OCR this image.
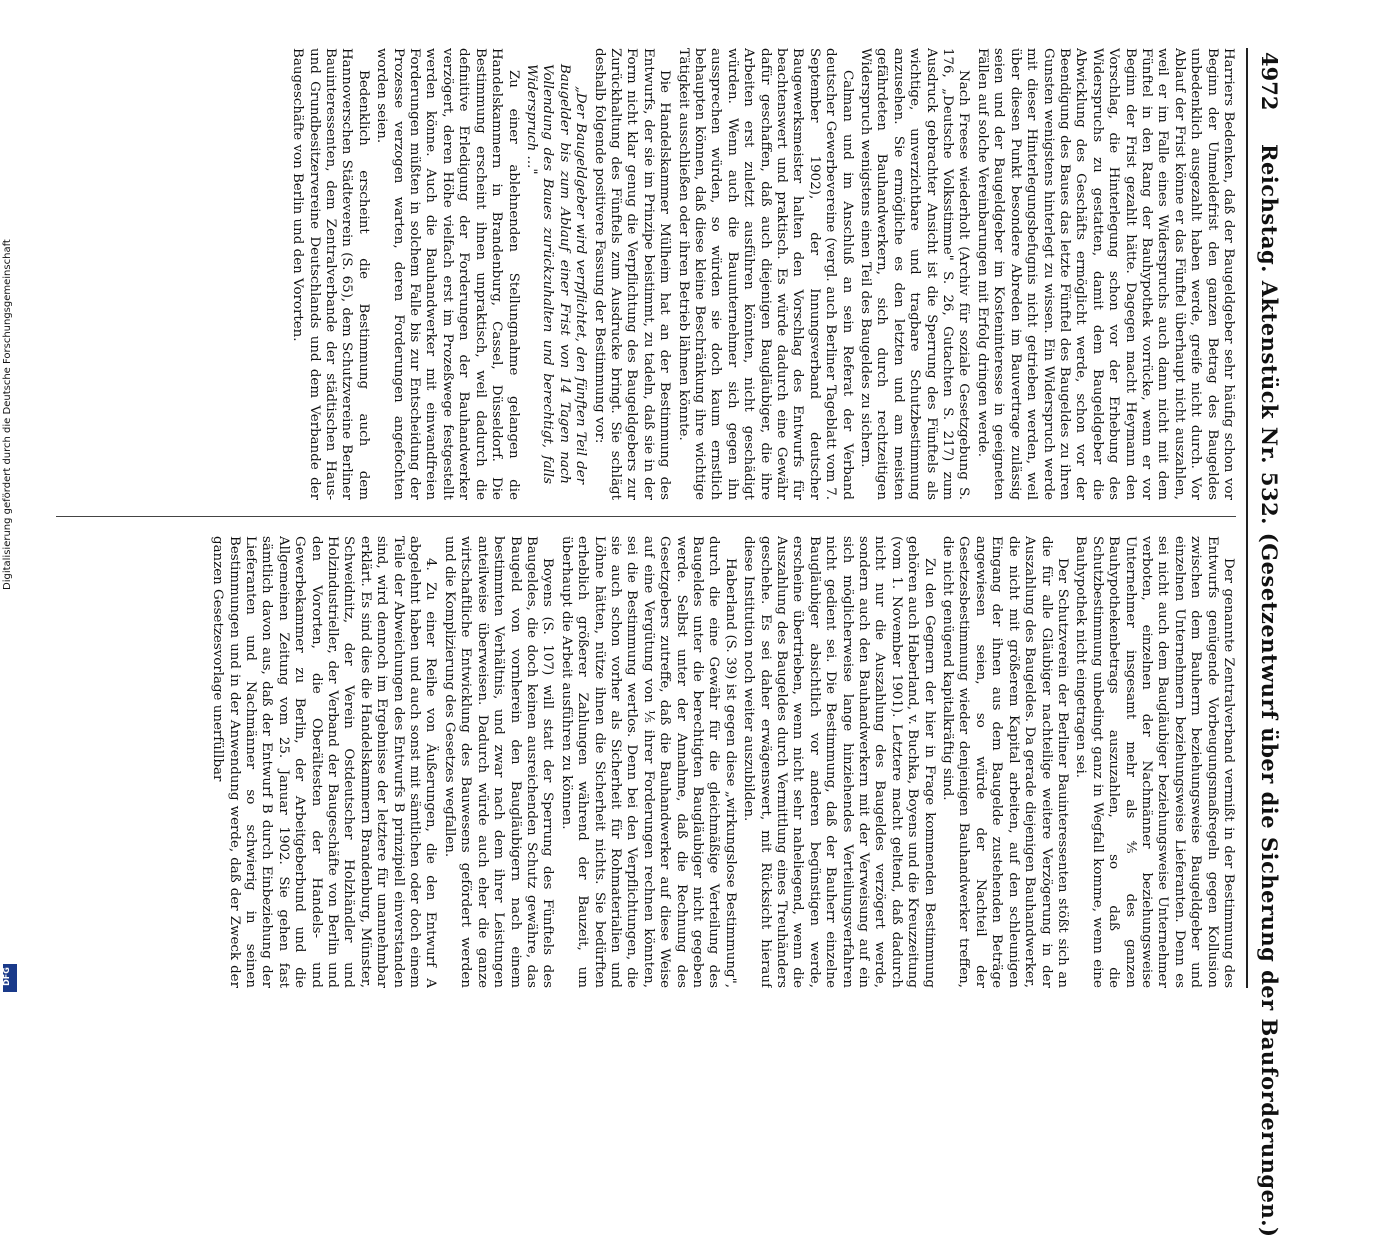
Digitalisierung gefördert durch die Deutsche Forschungsgemeinschaft
DFG
4972
Reichstag. Aktenstück Nr. 532. (Gesetzentwurf über die Sicherung der Bauforderungen.)

Harriers Bedenken, daß der Baugeldgeber sehr häufig schon vor Beginn der Unmeldefrist den ganzen Betrag des Baugeldes unbedenklich ausgezahlt haben werde, greife nicht durch. Vor Ablauf der Frist könne er das Fünftel überhaupt nicht auszahlen, weil er im Falle eines Widerspruchs auch dann nicht mit dem Fünftel in den Rang der Bauhypothek vorrücke, wenn er vor Beginn der Frist gezahlt hätte. Dagegen macht Heymann den Vorschlag, die Hinterlegung schon vor der Erhebung des Widerspruchs zu gestatten, damit dem Baugeldgeber die Abwicklung des Geschäfts ermöglicht werde, schon vor der Beendigung des Baues das letzte Fünftel des Baugeldes zu ihren Gunsten wenigstens hinterlegt zu wissen. Ein Widerspruch werde mit dieser Hinterlegungsbefugnis nicht getrieben werden, weil über diesen Punkt besondere Abreden im Bauvertrage zulässig seien und der Baugeldgeber im Kosteninteresse in geeigneten Fällen auf solche Vereinbarungen mit Erfolg dringen werde.

Nach Freese wiederholt (Archiv für soziale Gesetzgebung S. 176, „Deutsche Volksstimme" S. 26, Gutachten S. 217) zum Ausdruck gebrachter Ansicht ist die Sperrung des Fünftels als wichtige, unverzichtbare und tragbare Schutzbestimmung anzusehen. Sie ermögliche es den letzten und am meisten gefährdeten Bauhandwerkern, sich durch rechtzeitigen Widerspruch wenigstens einen Teil des Baugeldes zu sichern.

Calman und im Anschluß an sein Referat der Verband deutscher Gewerbevereine (vergl. auch Berliner Tageblatt vom 7. September 1902), der Innungsverband deutscher Baugewerksmeister halten den Vorschlag des Entwurfs für beachtenswert und praktisch. Es würde dadurch eine Gewähr dafür geschaffen, daß auch diejenigen Baugläubiger, die ihre Arbeiten erst zuletzt ausführen könnten, nicht geschädigt würden. Wenn auch die Bauunternehmer sich gegen ihn aussprechen würden, so würden sie doch kaum ernstlich behaupten können, daß diese kleine Beschränkung ihre wichtige Tätigkeit ausschließen oder ihren Betrieb lähmen könnte.

Die Handelskammer Mülheim hat an der Bestimmung des Entwurfs, der sie im Prinzipe beistimmt, zu tadeln, daß sie in der Form nicht klar genug die Verpflichtung des Baugeldgebers zur Zurückhaltung des Fünftels zum Ausdrucke bringt. Sie schlägt deshalb folgende positivere Fassung der Bestimmung vor:

„Der Baugeldgeber wird verpflichtet, den fünften Teil der Baugelder bis zum Ablauf einer Frist von 14 Tagen nach Vollendung des Baues zurückzuhalten und berechtigt, falls Widerspruch ..."

Zu einer ablehnenden Stellungnahme gelangen die Handelskammern in Brandenburg, Cassel, Düsseldorf. Die Bestimmung erscheint ihnen unpraktisch, weil dadurch die definitive Erledigung der Forderungen der Bauhandwerker verzögert, deren Höhe vielfach erst im Prozeßwege festgestellt werden könne. Auch die Bauhandwerker mit einwandfreien Forderungen müßten in solchem Falle bis zur Entscheidung der Prozesse verzogen warten, deren Forderungen angefochten worden seien.

Bedenklich erscheint die Bestimmung auch dem Hannoverschen Städteverein (S. 65), dem Schutzvereine Berliner Bauinteressenten, dem Zentralverbande der städtischen Haus- und Grundbesitzervereine Deutschlands und dem Verbande der Baugeschäfte von Berlin und den Vororten.

Der genannte Zentralverband vermißt in der Bestimmung des Entwurfs genügende Vorbeugungsmaßregeln gegen Kollusion zwischen dem Bauherrn beziehungsweise Baugeldgeber und einzelnen Unternehmern beziehungsweise Lieferanten. Denn es sei nicht auch dem Baugläubiger beziehungsweise Unternehmer verboten, einzelnen der Nachmänner beziehungsweise Unternehmer insgesamt mehr als ⅘ des ganzen Bauhypothekenbetrags auszuzahlen, so daß die Schutzbestimmung unbedingt ganz in Wegfall komme, wenn eine Bauhypothek nicht eingetragen sei.

Der Schutzverein der Berliner Bauinteressenten stößt sich an die für alle Gläubiger nachteilige weitere Verzögerung in der Auszahlung des Baugeldes. Da gerade diejenigen Bauhandwerker, die nicht mit größerem Kapital arbeiten, auf den schleunigen Eingang der ihnen aus dem Baugelde zustehenden Beträge angewiesen seien, so würde der Nachteil der Gesetzesbestimmung wieder denjenigen Bauhandwerker treffen, die nicht genügend kapitalkräftig sind.

Zu den Gegnern der hier in Frage kommenden Bestimmung gehören auch Haberland, v. Buchka, Boyens und die Kreuzzeitung (vom 1. November 1901). Letztere macht geltend, daß dadurch nicht nur die Auszahlung des Baugeldes verzögert werde, sondern auch den Bauhandwerkern mit der Verweisung auf ein sich möglicherweise lange hinziehendes Verteilungsverfahren nicht gedient sei. Die Bestimmung, daß der Bauherr einzelne Baugläubiger absichtlich vor anderen begünstigen werde, erscheine übertrieben, wenn nicht sehr naheliegend, wenn die Auszahlung des Baugeldes durch Vermittlung eines Treuhänders geschehe. Es sei daher erwägenswert, mit Rücksicht hierauf diese Institution noch weiter auszubilden.

Haberland (S. 39) ist gegen diese „wirkungslose Bestimmung", durch die eine Gewähr für die gleichmäßige Verteilung des Baugeldes unter die berechtigten Baugläubiger nicht gegeben werde. Selbst unter der Annahme, daß die Rechnung des Gesetzgebers zutreffe, daß die Bauhandwerker auf diese Weise auf eine Vergütung von ⅕ ihrer Forderungen rechnen könnten, sei die Bestimmung wertlos. Denn bei den Verpflichtungen, die sie auch schon vorher als Sicherheit für Rohmaterialien und Löhne hätten, nütze ihnen die Sicherheit nichts. Sie bedürften erheblich größerer Zahlungen während der Bauzeit, um überhaupt die Arbeit ausführen zu können.

Boyens (S. 107) will statt der Sperrung des Fünftels des Baugeldes, die doch keinen ausreichenden Schutz gewähre, das Baugeld von vornherein den Baugläubigern nach einem bestimmten Verhältnis, und zwar nach dem ihrer Leistungen anteilweise überweisen. Dadurch würde auch eher die ganze wirtschaftliche Entwicklung des Bauwesens gefördert werden und die Komplizierung des Gesetzes wegfallen.

4. Zu einer Reihe von Äußerungen, die den Entwurf A abgelehnt haben und auch sonst mit sämtlichen oder doch einem Teile der Abweichungen des Entwurfs B prinzipiell einverstanden sind, wird dennoch im Ergebnisse der letztere für unannehmbar erklärt. Es sind dies die Handelskammern Brandenburg, Münster, Schweidnitz, der Verein Ostdeutscher Holzhändler und Holzindustrieller, der Verband der Baugeschäfte von Berlin und den Vororten, die Oberältesten der Handels- und Gewerbekammer zu Berlin, der Arbeitgeberbund und die Allgemeinen Zeitung vom 25. Januar 1902. Sie gehen fast sämtlich davon aus, daß der Entwurf B durch Einbeziehung der Lieferanten und Nachmänner so schwierig in seinen Bestimmungen und in der Anwendung werde, daß der Zweck der ganzen Gesetzesvorlage unerfüllbar
